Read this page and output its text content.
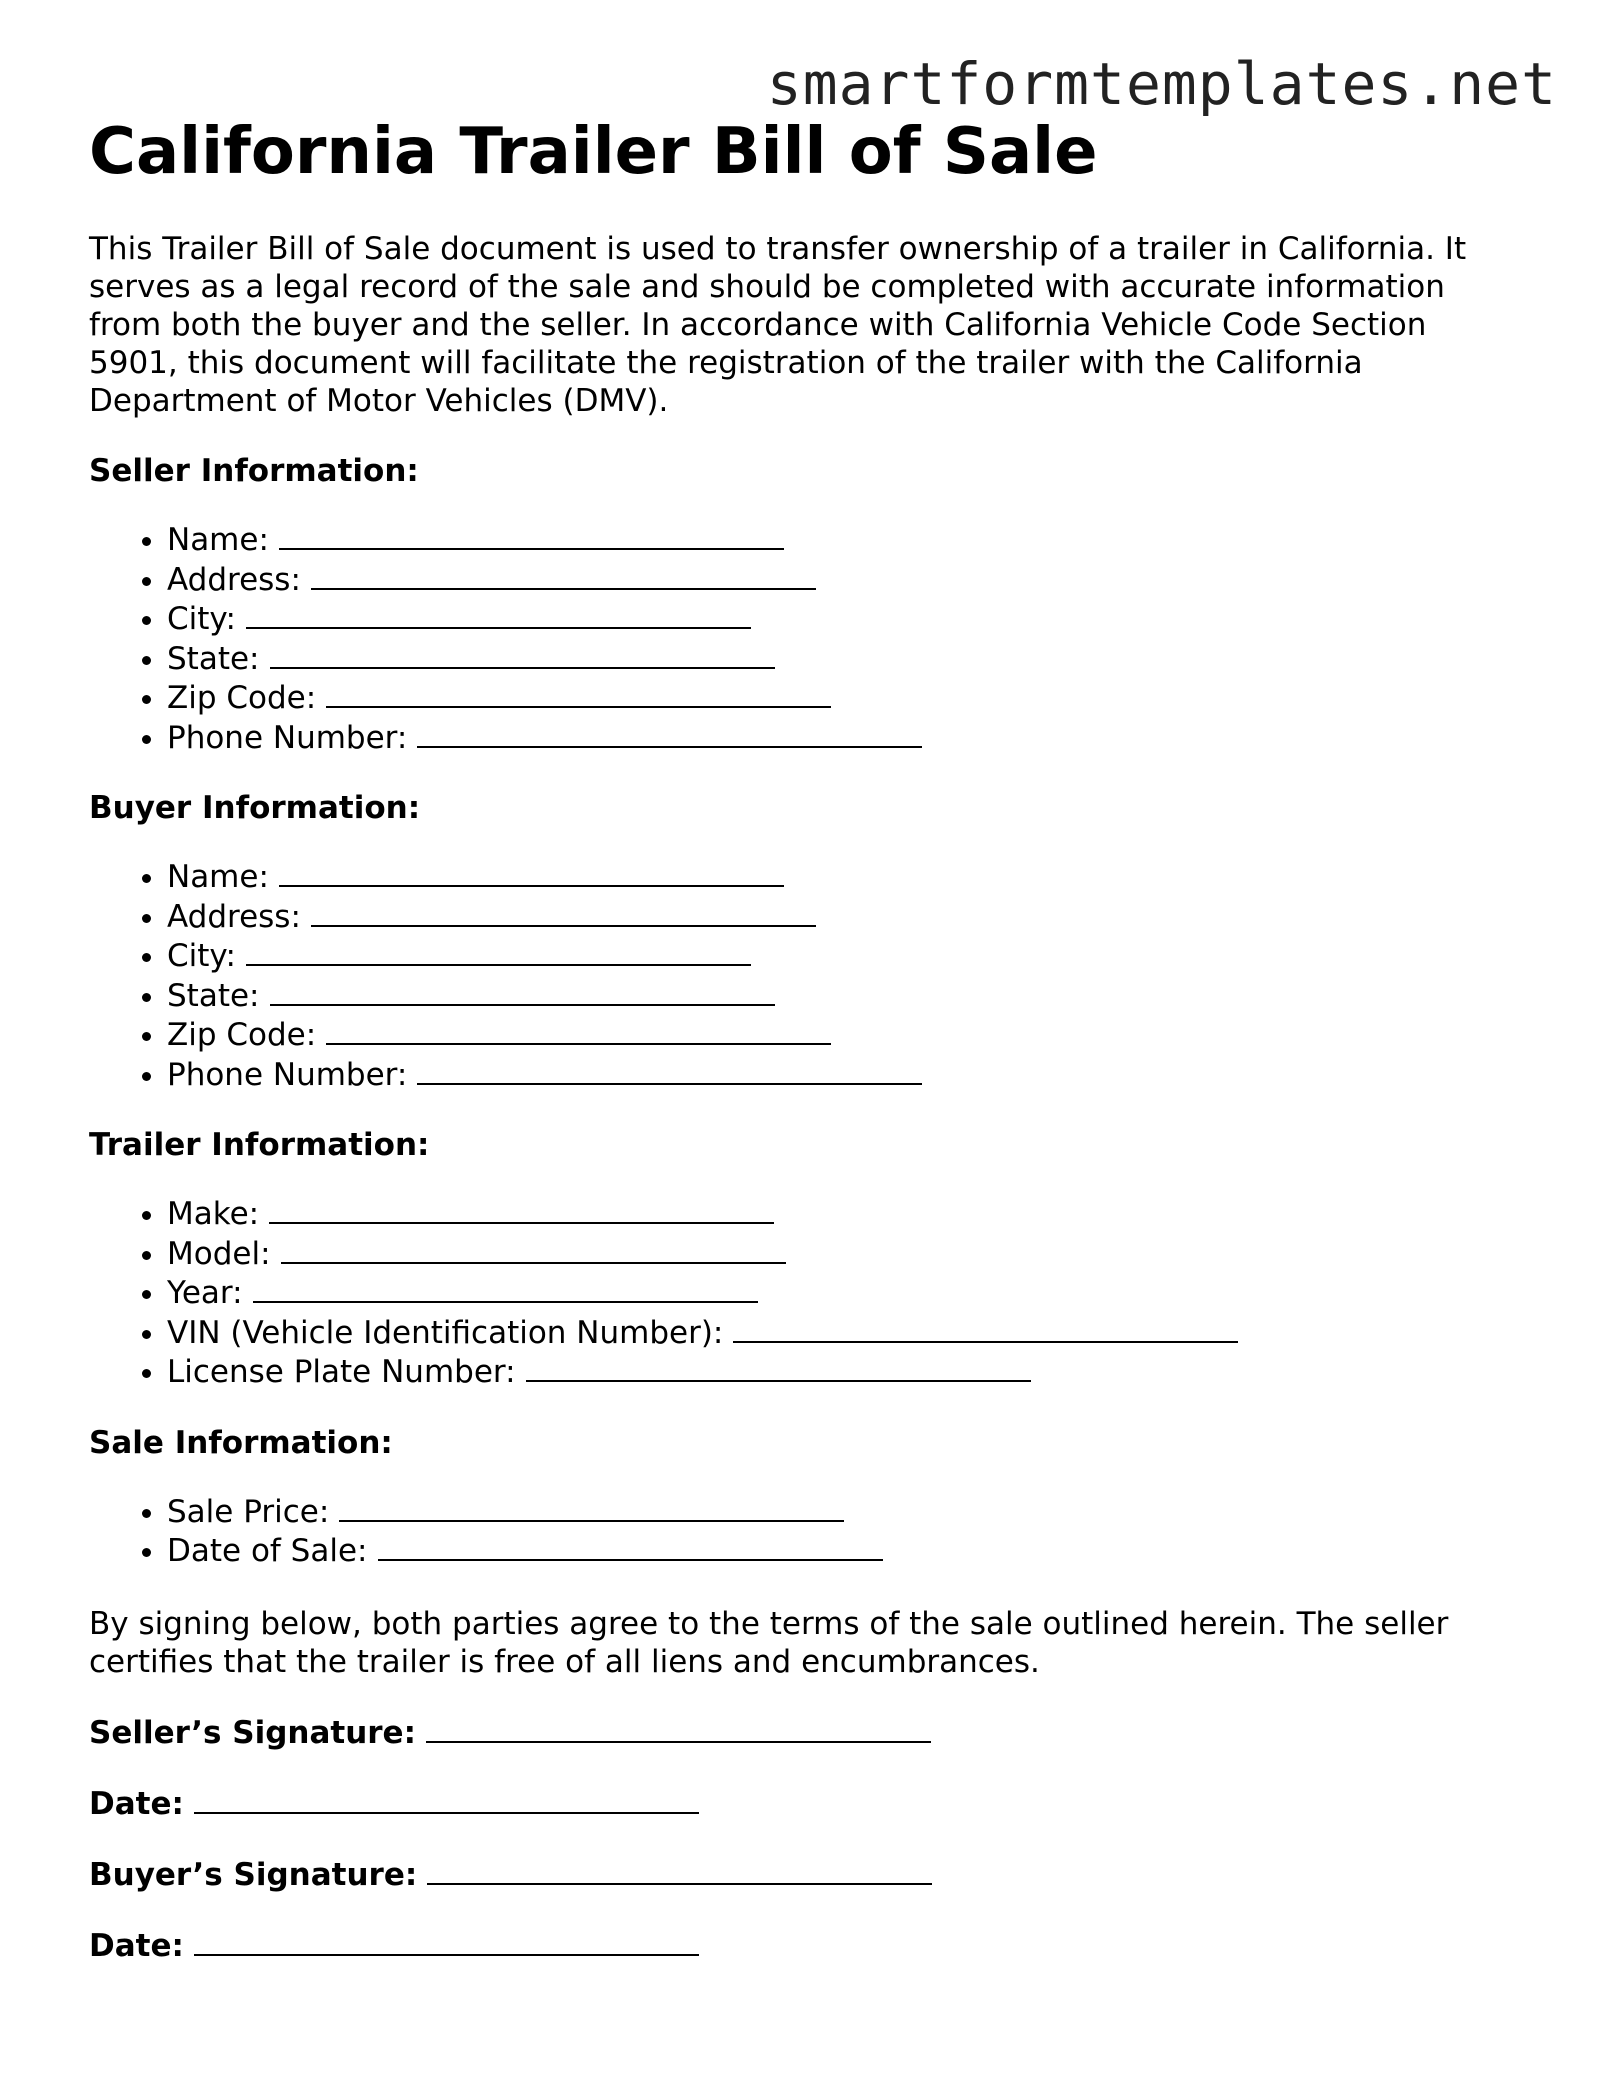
smartformtemplates.net
California Trailer Bill of Sale

This Trailer Bill of Sale document is used to transfer ownership of a trailer in California. It serves as a legal record of the sale and should be completed with accurate information from both the buyer and the seller. In accordance with California Vehicle Code Section 5901, this document will facilitate the registration of the trailer with the California Department of Motor Vehicles (DMV).

Seller Information:
• Name:
• Address:
• City:
• State:
• Zip Code:
• Phone Number:
Buyer Information:
• Name:
• Address:
• City:
• State:
• Zip Code:
• Phone Number:
Trailer Information:
• Make:
• Model:
• Year:
• VIN (Vehicle Identification Number):
• License Plate Number:
Sale Information:
• Sale Price:
• Date of Sale:

By signing below, both parties agree to the terms of the sale outlined herein. The seller certifies that the trailer is free of all liens and encumbrances.

Seller’s Signature:
Date:
Buyer’s Signature:
Date:
